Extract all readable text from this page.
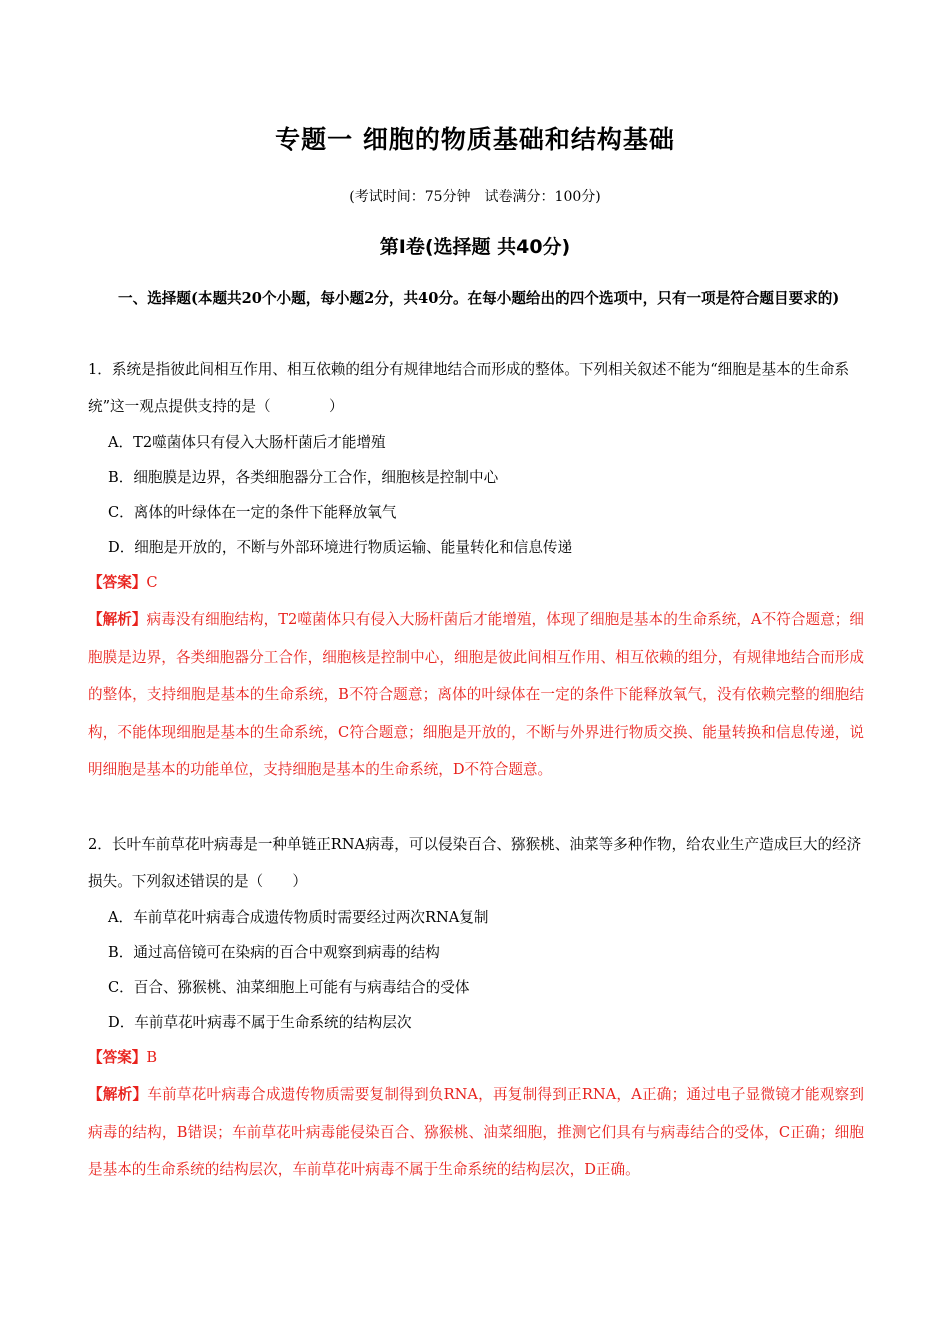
专题一 细胞的物质基础和结构基础
(考试时间：75分钟　试卷满分：100分)
第Ⅰ卷(选择题 共40分)
一、选择题(本题共20个小题，每小题2分，共40分。在每小题给出的四个选项中，只有一项是符合题目要求的)
1．系统是指彼此间相互作用、相互依赖的组分有规律地结合而形成的整体。下列相关叙述不能为“细胞是基本的生命系统”这一观点提供支持的是（　　　　）
A．T2噬菌体只有侵入大肠杆菌后才能增殖
B．细胞膜是边界，各类细胞器分工合作，细胞核是控制中心
C．离体的叶绿体在一定的条件下能释放氧气
D．细胞是开放的，不断与外部环境进行物质运输、能量转化和信息传递
【答案】C
【解析】病毒没有细胞结构，T2噬菌体只有侵入大肠杆菌后才能增殖，体现了细胞是基本的生命系统，A不符合题意；细胞膜是边界，各类细胞器分工合作，细胞核是控制中心，细胞是彼此间相互作用、相互依赖的组分，有规律地结合而形成的整体，支持细胞是基本的生命系统，B不符合题意；离体的叶绿体在一定的条件下能释放氧气，没有依赖完整的细胞结构，不能体现细胞是基本的生命系统，C符合题意；细胞是开放的，不断与外界进行物质交换、能量转换和信息传递，说明细胞是基本的功能单位，支持细胞是基本的生命系统，D不符合题意。
2．长叶车前草花叶病毒是一种单链正RNA病毒，可以侵染百合、猕猴桃、油菜等多种作物，给农业生产造成巨大的经济损失。下列叙述错误的是（　　）
A．车前草花叶病毒合成遗传物质时需要经过两次RNA复制
B．通过高倍镜可在染病的百合中观察到病毒的结构
C．百合、猕猴桃、油菜细胞上可能有与病毒结合的受体
D．车前草花叶病毒不属于生命系统的结构层次
【答案】B
【解析】车前草花叶病毒合成遗传物质需要复制得到负RNA，再复制得到正RNA，A正确；通过电子显微镜才能观察到病毒的结构，B错误；车前草花叶病毒能侵染百合、猕猴桃、油菜细胞，推测它们具有与病毒结合的受体，C正确；细胞是基本的生命系统的结构层次，车前草花叶病毒不属于生命系统的结构层次，D正确。
